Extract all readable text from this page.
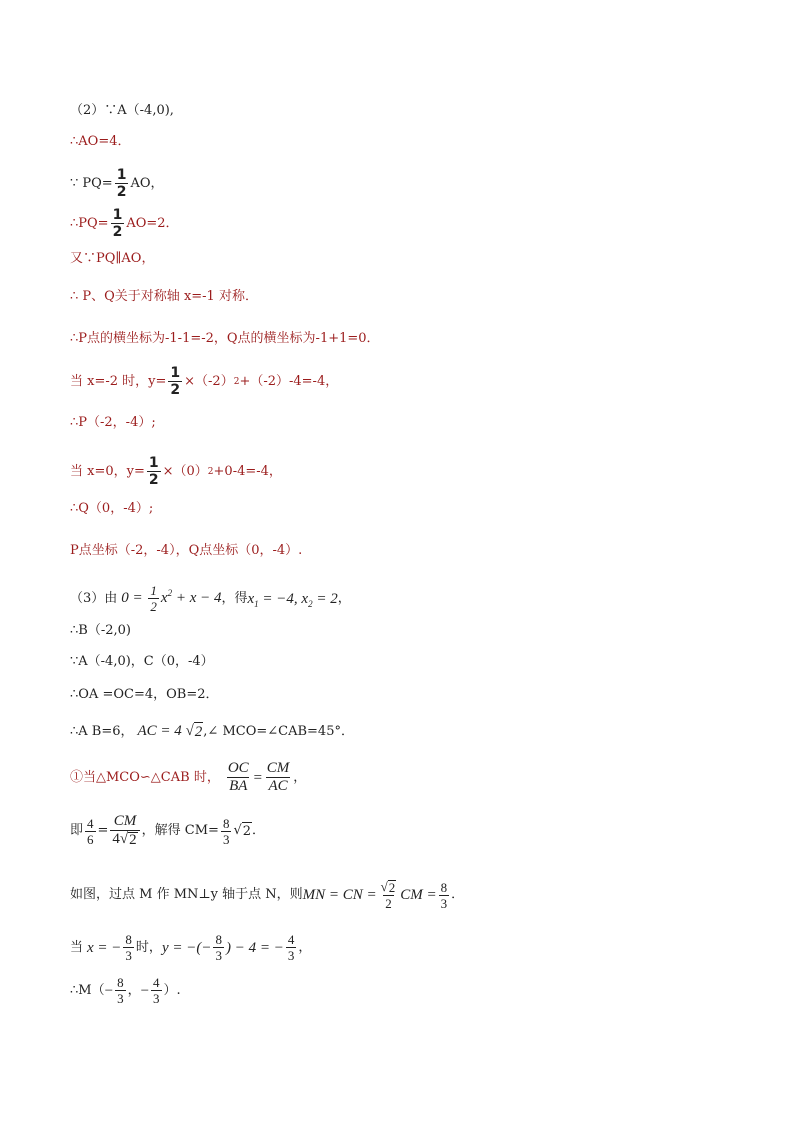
（2）∵A（-4,0),
∴AO=4．
∵ $PQ= \frac{1}{2}$ AO，
∴PQ= $\frac{1}{2} AO=2$．
又∵PQ∥AO，
∴ P、Q关于对称轴 x=-1 对称．
∴P点的横坐标为-1-1=-2，Q点的横坐标为-1+1=0．
当 x=-2 时，$y= \frac{1}{2} \times(-2)$ 2 +（-2）-4=-4，
∴P（-2，-4）;
当 x=0，$y= \frac{1}{2} \times(0)$ 2 +0-4=-4，
∴Q（0，-4）;
P点坐标（-2，-4），Q点坐标（0，-4）.
（3）由 $0 = \frac{1}{2} x^2 + x - 4$ ，得 $x_1 = -4$, $x_2 = 2$ ，
∴B（-2,0)
∵A（-4,0)，C（0，-4）
∴OA =OC=4，OB=2．
∴A B=6， AC = 4 √ 2 ,∠ MCO=∠CAB=45°．
①当△MCO∽△CAB 时， $\frac{OC}{BA} = \frac{CM}{AC}$ ，
即 $\frac{4}{6} = \frac{CM}{4 √ 2}$ ，解得 $CM= \frac{8}{3}$ √ 2 ．
如图，过点 M 作 MN⊥y 轴于点 N，则 MN = CN = $\frac{√ 2}{2}$ CM = $\frac{8}{3}$ ．
当 x = − $\frac{8}{3}$ 时， y = −(− $\frac{8}{3}$ ) − 4 = − $\frac{4}{3}$ ，
∴M（ − $\frac{8}{3}$ ， − $\frac{4}{3}$ ）.
